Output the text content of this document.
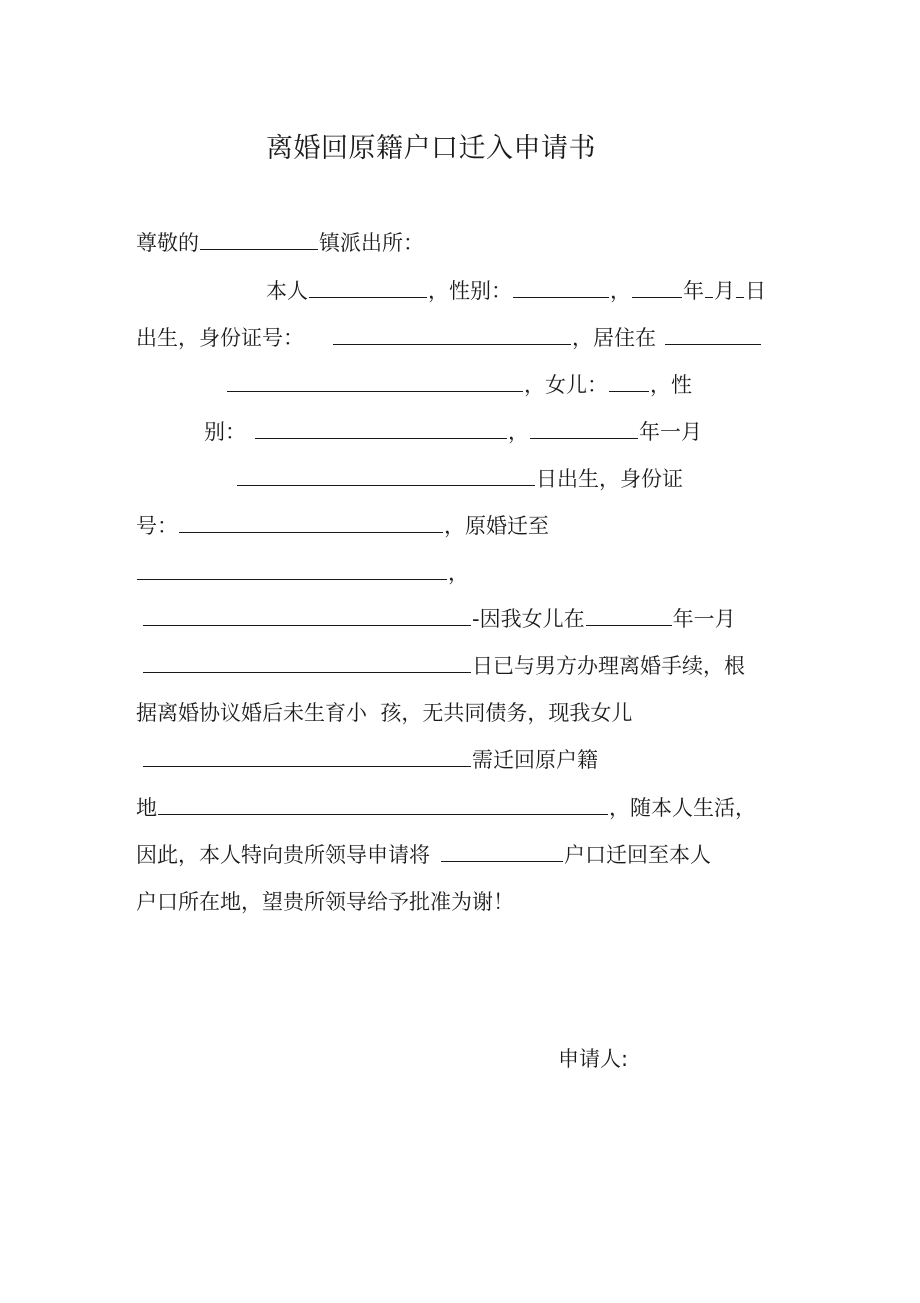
离婚回原籍户口迁入申请书
尊敬的	镇派出所：
本人	，性别：	， 年 月 日
出生，身份证号：	，居住在
，女儿： ，性
别：	，	年一月
日出生，身份证
号：	，原婚迁至
，
-因我女儿在	年一月
日已与男方办理离婚手续，根
据离婚协议婚后未生育小  孩，无共同债务，现我女儿
需迁回原户籍
地	，随本人生活，
因此，本人特向贵所领导申请将	户口迁回至本人
户口所在地，望贵所领导给予批准为谢！
申请人:
